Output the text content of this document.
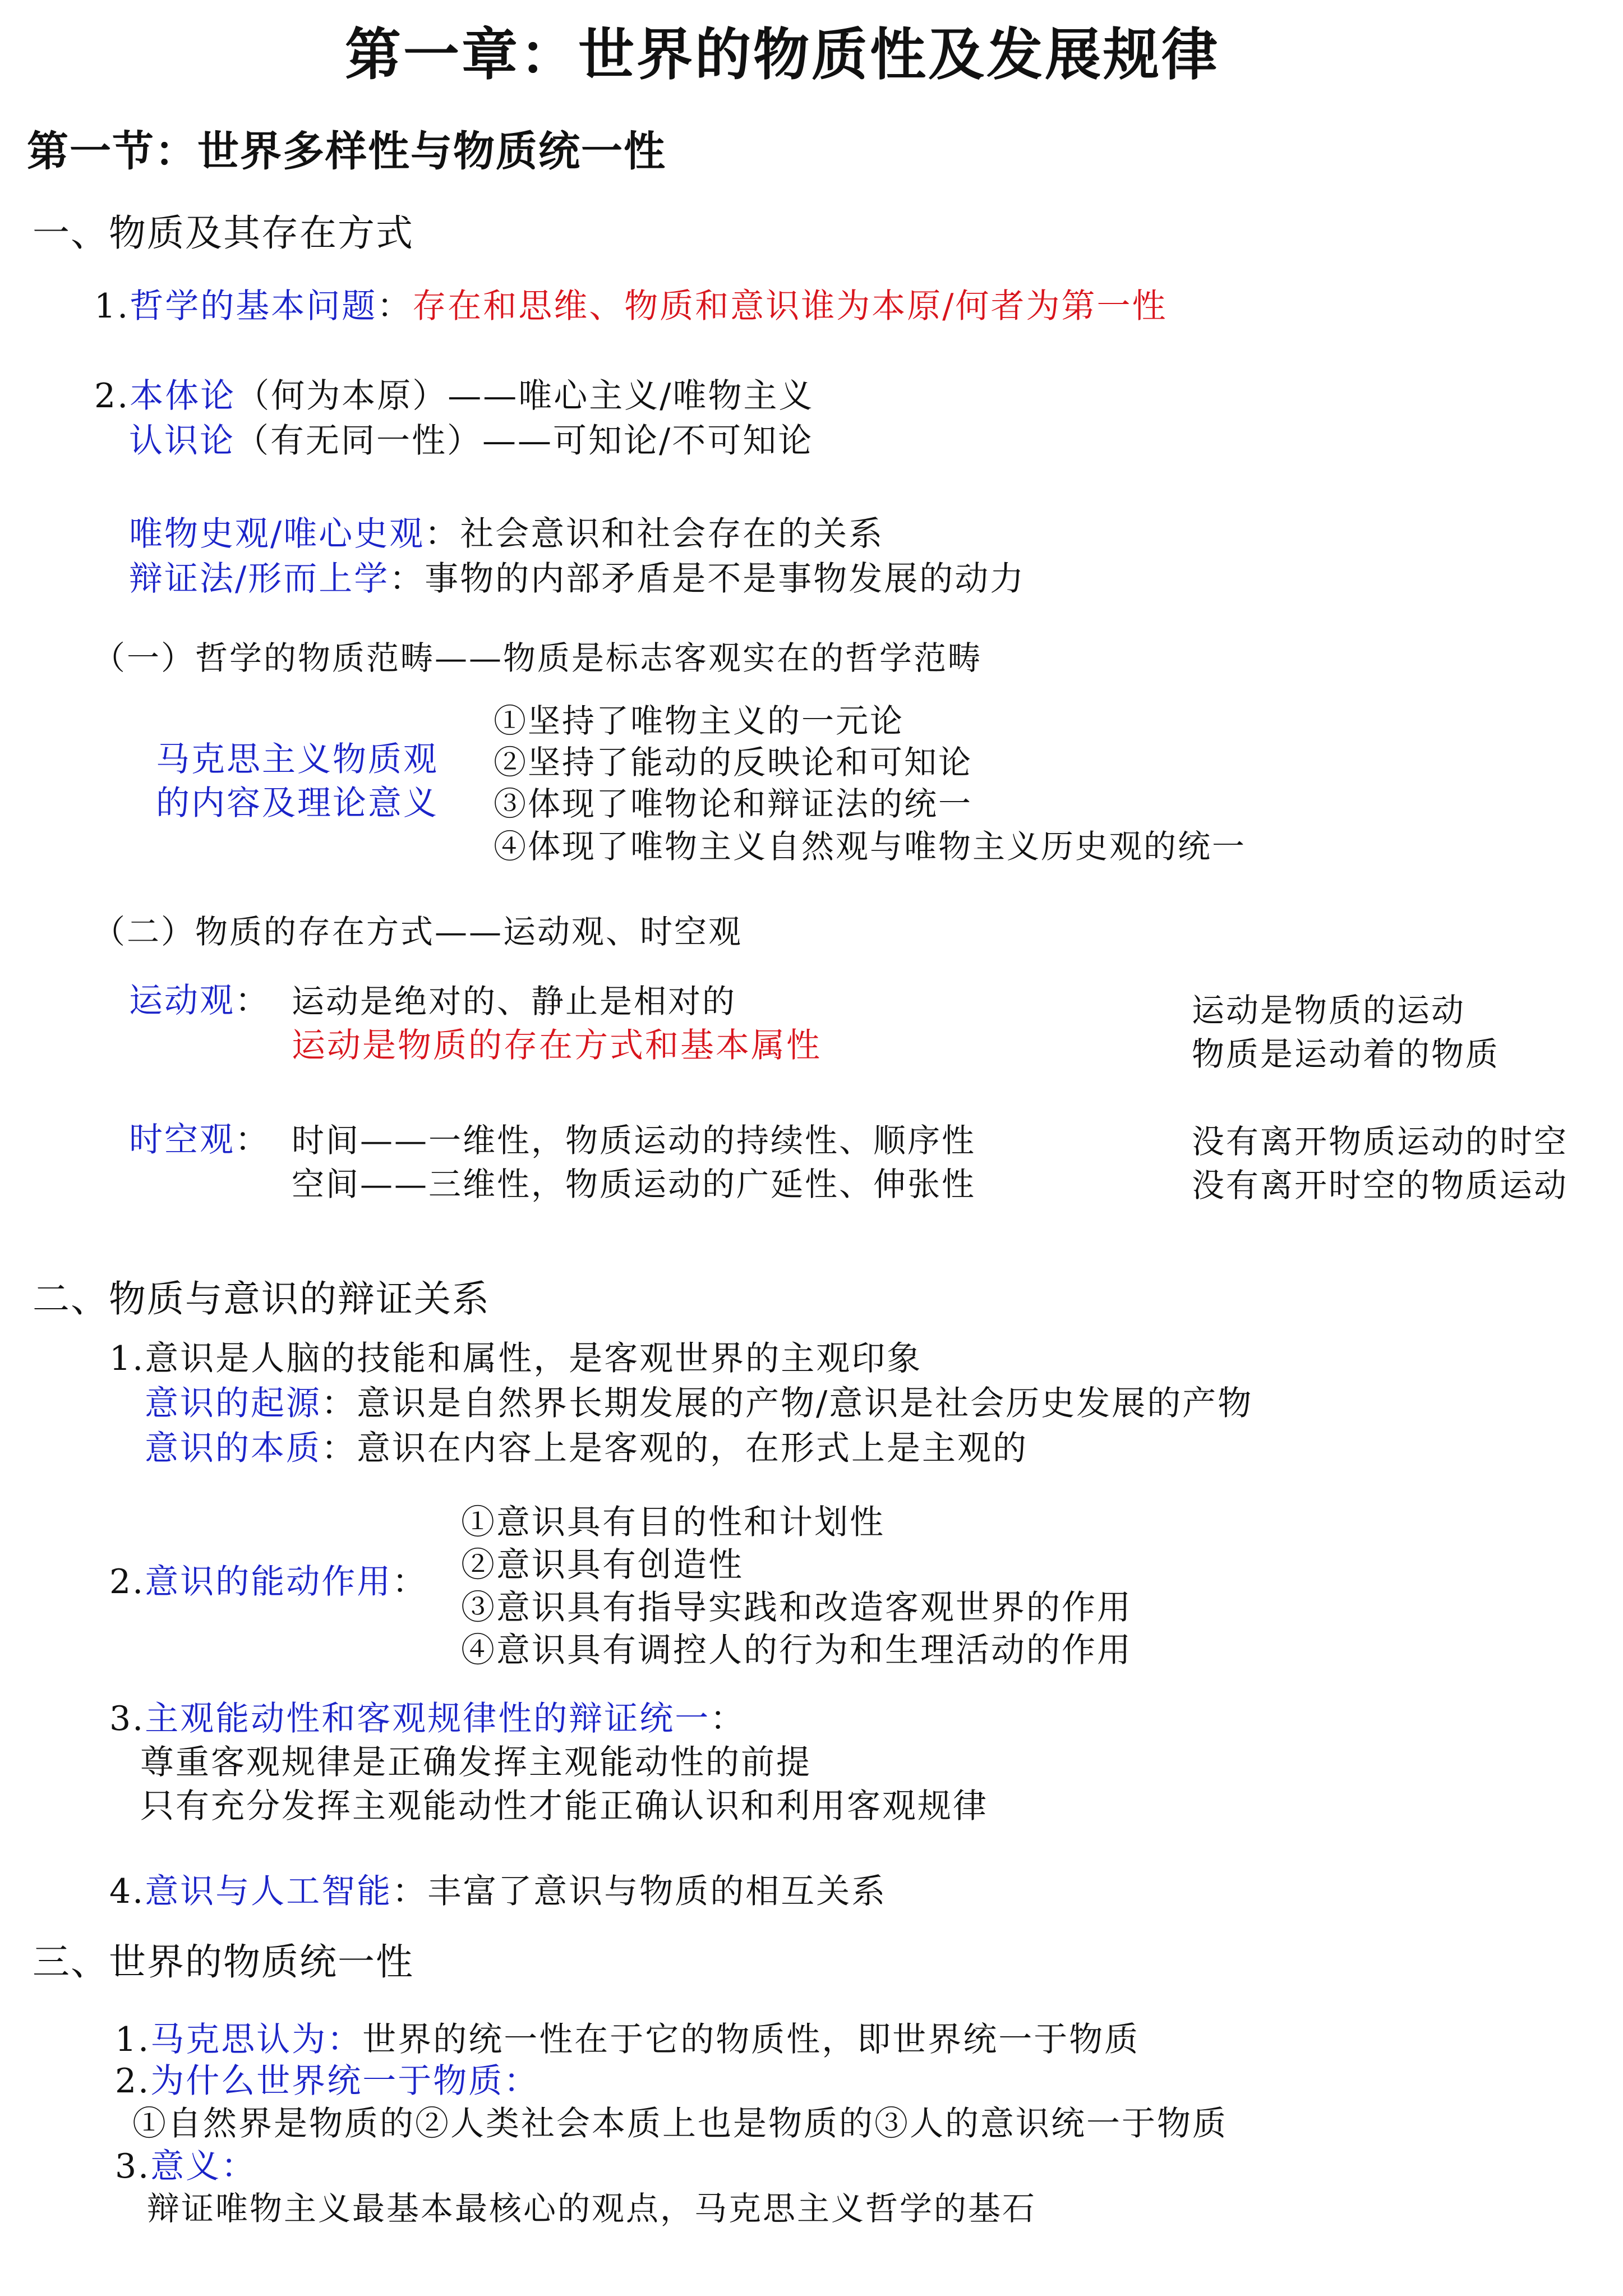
第一章：世界的物质性及发展规律
第一节：世界多样性与物质统一性
一、物质及其存在方式
1.哲学的基本问题：存在和思维、物质和意识谁为本原/何者为第一性
2.本体论（何为本原）——唯心主义/唯物主义
认识论（有无同一性）——可知论/不可知论
唯物史观/唯心史观：社会意识和社会存在的关系
辩证法/形而上学：事物的内部矛盾是不是事物发展的动力
（一）哲学的物质范畴——物质是标志客观实在的哲学范畴
马克思主义物质观
的内容及理论意义
①坚持了唯物主义的一元论
②坚持了能动的反映论和可知论
③体现了唯物论和辩证法的统一
④体现了唯物主义自然观与唯物主义历史观的统一
（二）物质的存在方式——运动观、时空观
运动观： 运动是绝对的、静止是相对的
运动是物质的存在方式和基本属性
运动是物质的运动
物质是运动着的物质
时空观： 时间——一维性，物质运动的持续性、顺序性
空间——三维性，物质运动的广延性、伸张性
没有离开物质运动的时空
没有离开时空的物质运动
二、物质与意识的辩证关系
1.意识是人脑的技能和属性，是客观世界的主观印象
意识的起源：意识是自然界长期发展的产物/意识是社会历史发展的产物
意识的本质：意识在内容上是客观的，在形式上是主观的
2.意识的能动作用：
①意识具有目的性和计划性
②意识具有创造性
③意识具有指导实践和改造客观世界的作用
④意识具有调控人的行为和生理活动的作用
3.主观能动性和客观规律性的辩证统一：
尊重客观规律是正确发挥主观能动性的前提
只有充分发挥主观能动性才能正确认识和利用客观规律
4.意识与人工智能：丰富了意识与物质的相互关系
三、世界的物质统一性
1.马克思认为：世界的统一性在于它的物质性，即世界统一于物质
2.为什么世界统一于物质：
①自然界是物质的②人类社会本质上也是物质的③人的意识统一于物质
3.意义：
辩证唯物主义最基本最核心的观点，马克思主义哲学的基石
